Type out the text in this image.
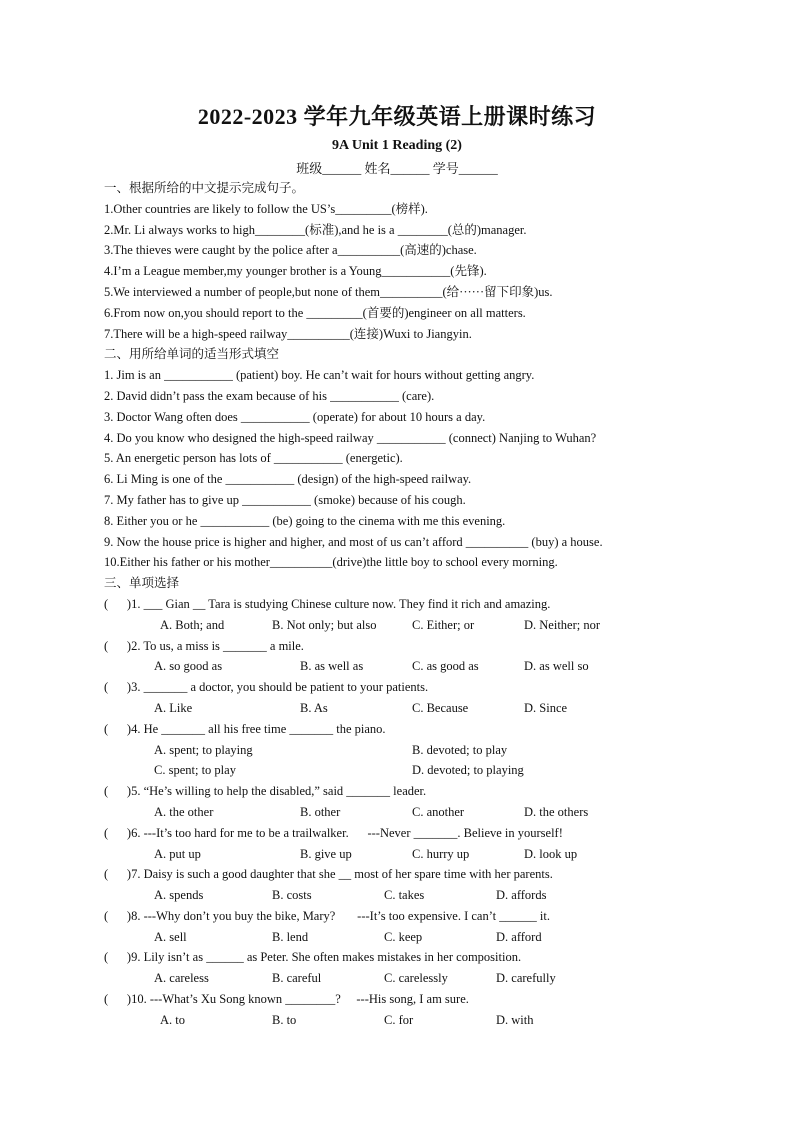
2022-2023 学年九年级英语上册课时练习
9A Unit 1 Reading (2)
班级______ 姓名______ 学号______
一、根据所给的中文提示完成句子。
1.Other countries are likely to follow the US’s_________(榜样).
2.Mr. Li always works to high________(标准),and he is a ________(总的)manager.
3.The thieves were caught by the police after a__________(高速的)chase.
4.I’m a League member,my younger brother is a Young___________(先锋).
5.We interviewed a number of people,but none of them__________(给······留下印象)us.
6.From now on,you should report to the _________(首要的)engineer on all matters.
7.There will be a high-speed railway__________(连接)Wuxi to Jiangyin.
二、用所给单词的适当形式填空
1. Jim is an ___________ (patient) boy. He can’t wait for hours without getting angry.
2. David didn’t pass the exam because of his ___________ (care).
3. Doctor Wang often does ___________ (operate) for about 10 hours a day.
4. Do you know who designed the high-speed railway ___________ (connect) Nanjing to Wuhan?
5. An energetic person has lots of ___________ (energetic).
6. Li Ming is one of the ___________ (design) of the high-speed railway.
7. My father has to give up ___________ (smoke) because of his cough.
8. Either you or he ___________ (be) going to the cinema with me this evening.
9. Now the house price is higher and higher, and most of us can’t afford __________ (buy) a house.
10.Either his father or his mother__________(drive)the little boy to school every morning.
三、单项选择
(      )1. ___ Gian __ Tara is studying Chinese culture now. They find it rich and amazing.

A. Both; and

	B. Not only; but also

	C. Either; or

	D. Neither; nor

(      )2. To us, a miss is _______ a mile.

A. so good as

	B. as well as

	C. as good as

	D. as well so

(      )3. _______ a doctor, you should be patient to your patients.

A. Like

	B. As

	C. Because

	D. Since

(      )4. He _______ all his free time _______ the piano.

A. spent; to playing

	B. devoted; to play

C. spent; to play

	D. devoted; to playing

(      )5. “He’s willing to help the disabled,” said _______ leader.

A. the other

	B. other

	C. another

	D. the others

(      )6. ---It’s too hard for me to be a trailwalker.      ---Never _______. Believe in yourself!

A. put up

	B. give up

	C. hurry up

	D. look up

(      )7. Daisy is such a good daughter that she __ most of her spare time with her parents.

A. spends

	B. costs

	C. takes

	D. affords

(      )8. ---Why don’t you buy the bike, Mary?       ---It’s too expensive. I can’t ______ it.

A. sell

	B. lend

	C. keep

	D. afford

(      )9. Lily isn’t as ______ as Peter. She often makes mistakes in her composition.

A. careless

	B. careful

	C. carelessly

	D. carefully

(      )10. ---What’s Xu Song known ________?     ---His song, I am sure.

A. to

	B. to

	C. for

	D. with
